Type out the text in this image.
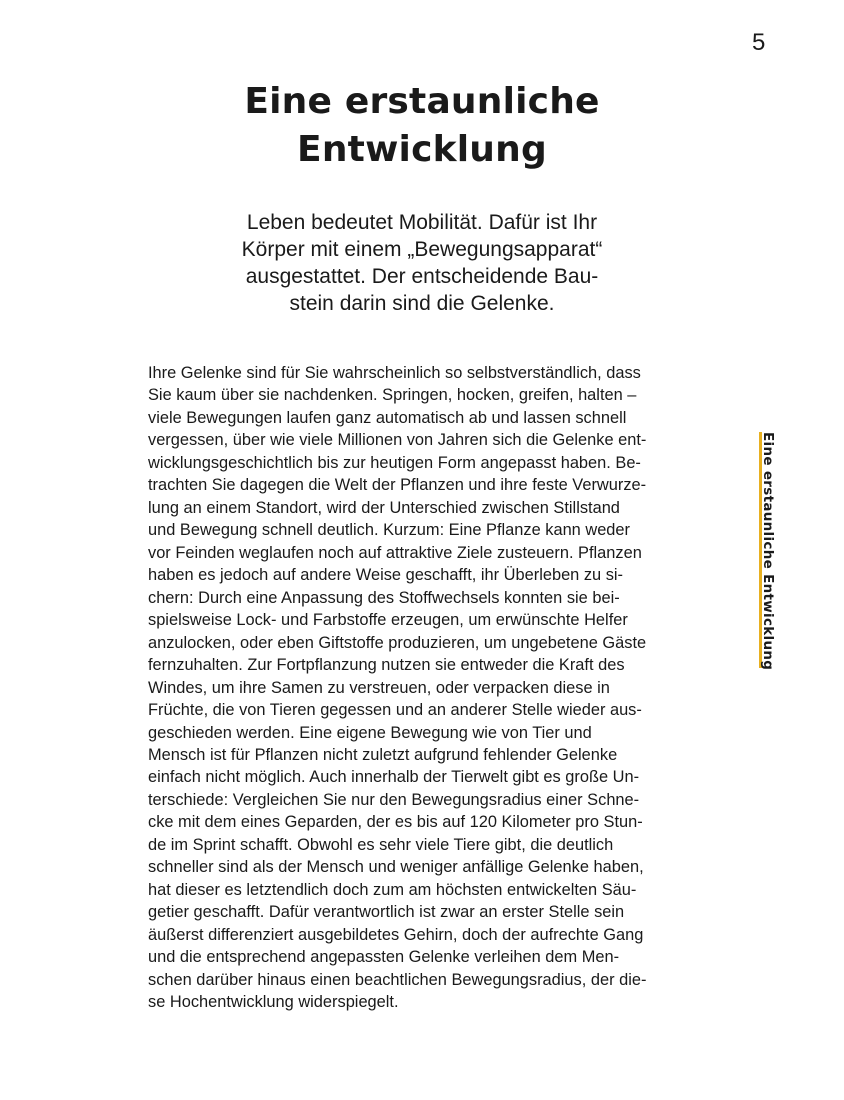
5
Eine erstaunliche
Entwicklung
Leben bedeutet Mobilität. Dafür ist Ihr
Körper mit einem „Bewegungsapparat“
ausgestattet. Der entscheidende Bau-
stein darin sind die Gelenke.
Ihre Gelenke sind für Sie wahrscheinlich so selbstverständlich, dass
Sie kaum über sie nachdenken. Springen, hocken, greifen, halten –
viele Bewegungen laufen ganz automatisch ab und lassen schnell
vergessen, über wie viele Millionen von Jahren sich die Gelenke ent-
wicklungsgeschichtlich bis zur heutigen Form angepasst haben. Be-
trachten Sie dagegen die Welt der Pflanzen und ihre feste Verwurze-
lung an einem Standort, wird der Unterschied zwischen Stillstand
und Bewegung schnell deutlich. Kurzum: Eine Pflanze kann weder
vor Feinden weglaufen noch auf attraktive Ziele zusteuern. Pflanzen
haben es jedoch auf andere Weise geschafft, ihr Überleben zu si-
chern: Durch eine Anpassung des Stoffwechsels konnten sie bei-
spielsweise Lock- und Farbstoffe erzeugen, um erwünschte Helfer
anzulocken, oder eben Giftstoffe produzieren, um ungebetene Gäste
fernzuhalten. Zur Fortpflanzung nutzen sie entweder die Kraft des
Windes, um ihre Samen zu verstreuen, oder verpacken diese in
Früchte, die von Tieren gegessen und an anderer Stelle wieder aus-
geschieden werden. Eine eigene Bewegung wie von Tier und
Mensch ist für Pflanzen nicht zuletzt aufgrund fehlender Gelenke
einfach nicht möglich. Auch innerhalb der Tierwelt gibt es große Un-
terschiede: Vergleichen Sie nur den Bewegungsradius einer Schne-
cke mit dem eines Geparden, der es bis auf 120 Kilometer pro Stun-
de im Sprint schafft. Obwohl es sehr viele Tiere gibt, die deutlich
schneller sind als der Mensch und weniger anfällige Gelenke haben,
hat dieser es letztendlich doch zum am höchsten entwickelten Säu-
getier geschafft. Dafür verantwortlich ist zwar an erster Stelle sein
äußerst differenziert ausgebildetes Gehirn, doch der aufrechte Gang
und die entsprechend angepassten Gelenke verleihen dem Men-
schen darüber hinaus einen beachtlichen Bewegungsradius, der die-
se Hochentwicklung widerspiegelt.
Eine erstaunliche Entwicklung
